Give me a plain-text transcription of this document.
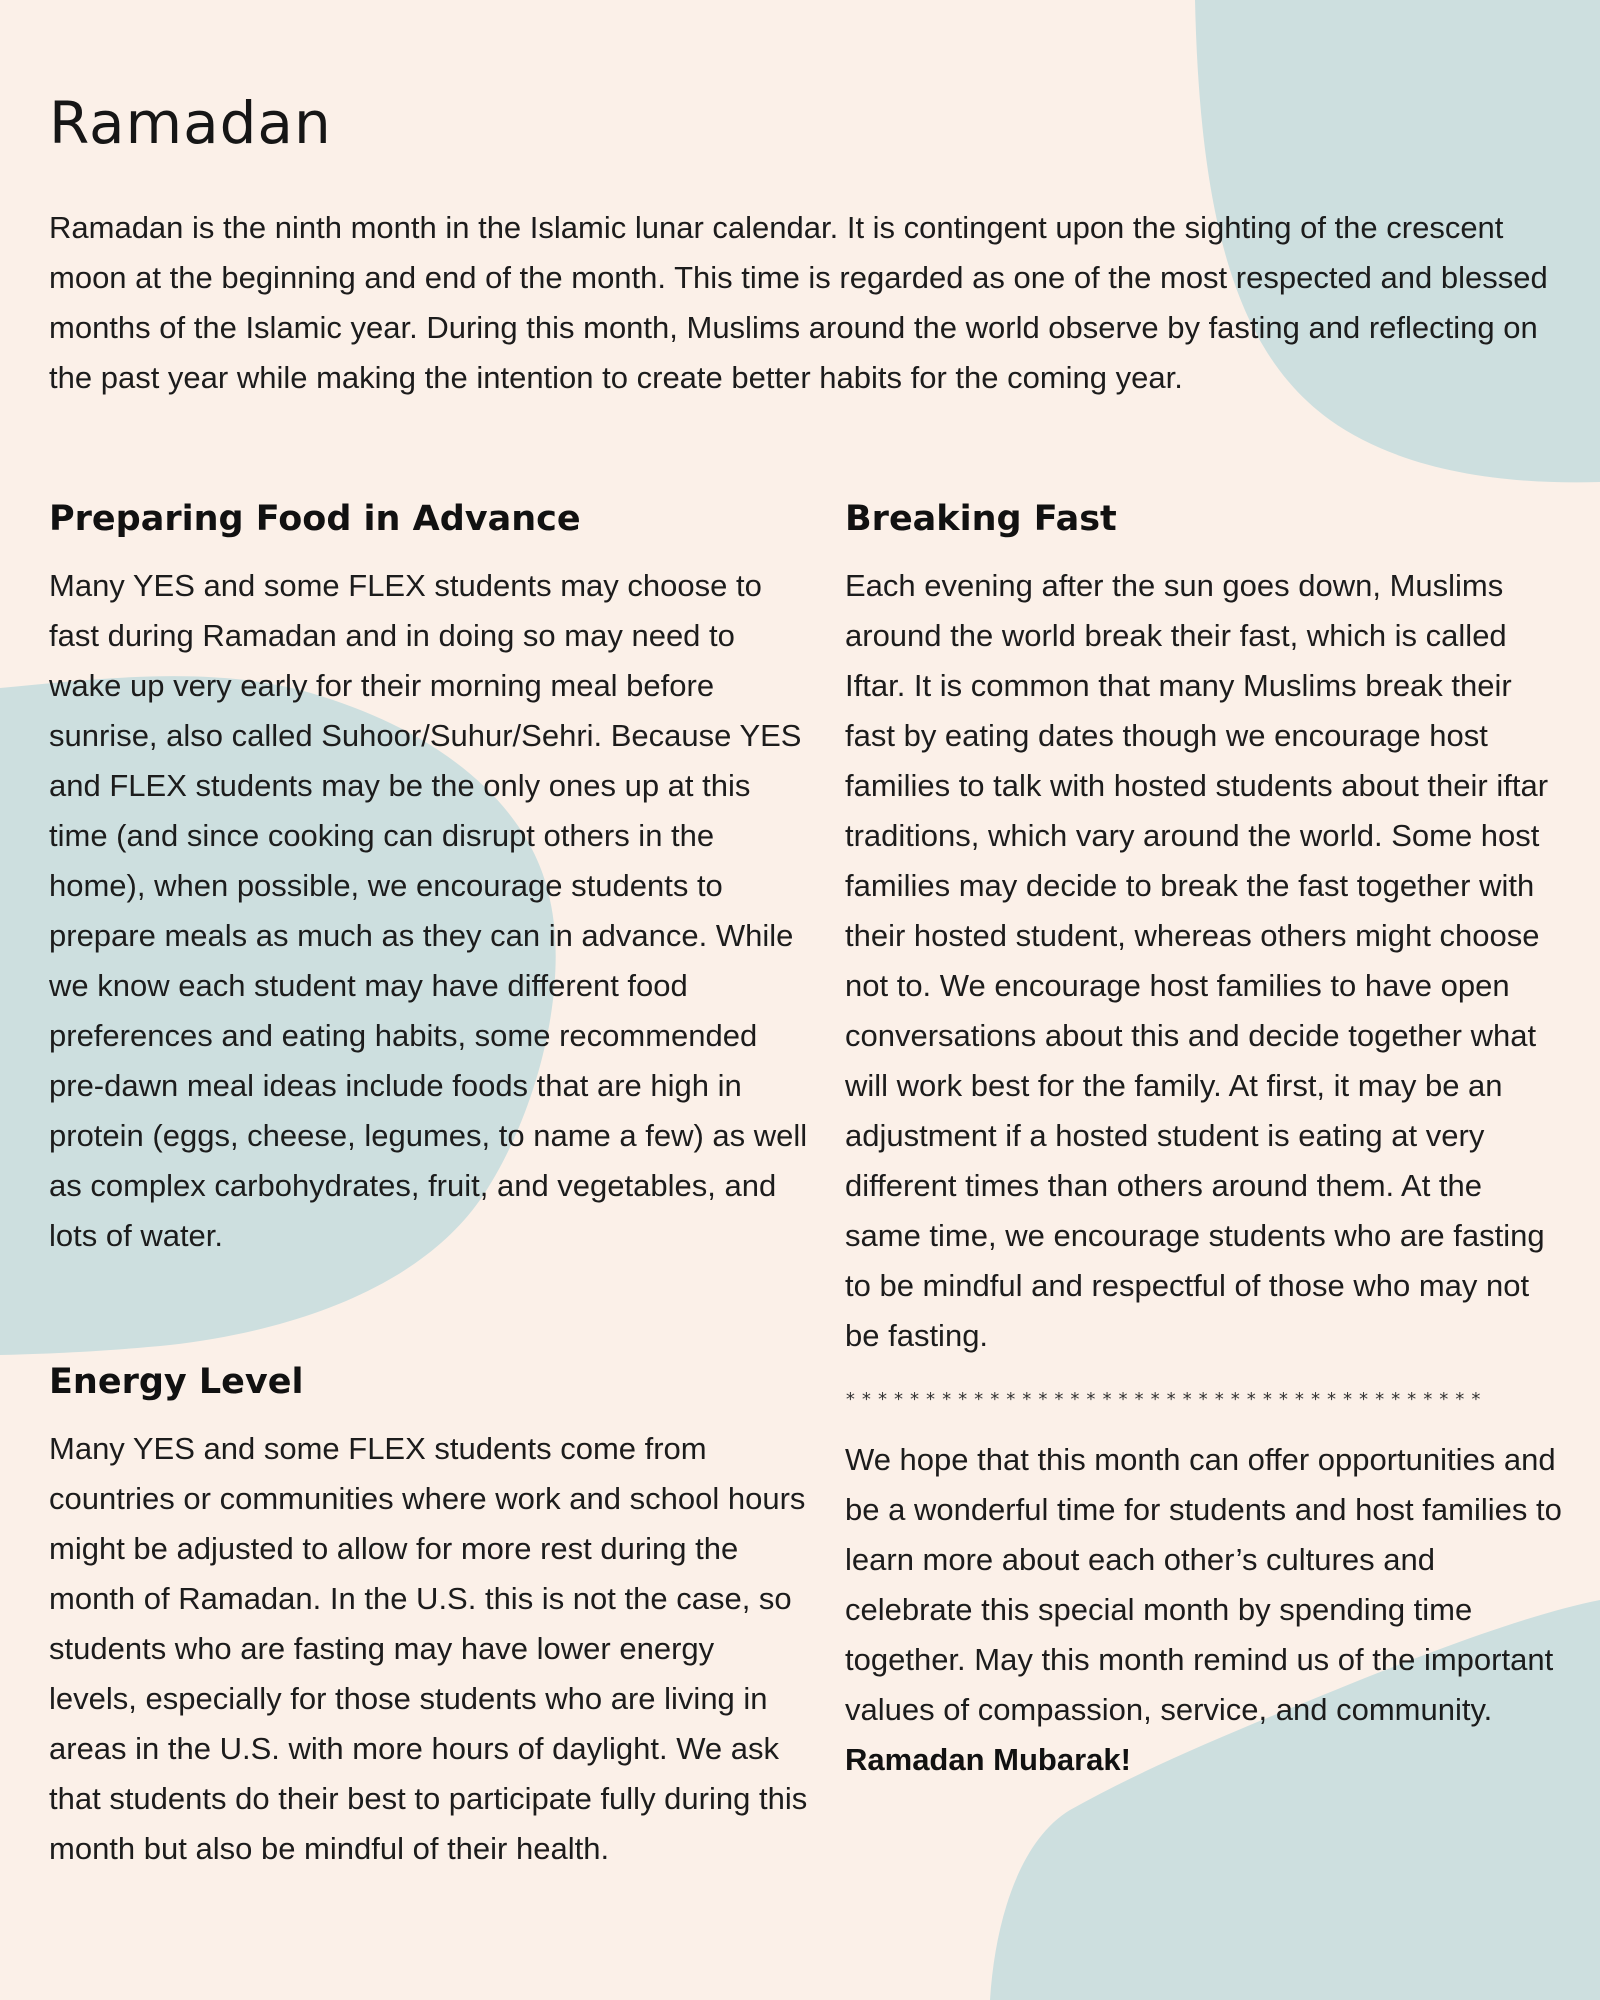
Ramadan

Ramadan is the ninth month in the Islamic lunar calendar. It is contingent upon the sighting of the crescent moon at the beginning and end of the month. This time is regarded as one of the most respected and blessed months of the Islamic year. During this month, Muslims around the world observe by fasting and reflecting on the past year while making the intention to create better habits for the coming year.

Preparing Food in Advance

Many YES and some FLEX students may choose to fast during Ramadan and in doing so may need to wake up very early for their morning meal before sunrise, also called Suhoor/Suhur/Sehri. Because YES and FLEX students may be the only ones up at this time (and since cooking can disrupt others in the home), when possible, we encourage students to prepare meals as much as they can in advance. While we know each student may have different food preferences and eating habits, some recommended pre-dawn meal ideas include foods that are high in protein (eggs, cheese, legumes, to name a few) as well as complex carbohydrates, fruit, and vegetables, and lots of water.

Energy Level

Many YES and some FLEX students come from countries or communities where work and school hours might be adjusted to allow for more rest during the month of Ramadan. In the U.S. this is not the case, so students who are fasting may have lower energy levels, especially for those students who are living in areas in the U.S. with more hours of daylight. We ask that students do their best to participate fully during this month but also be mindful of their health.

Breaking Fast

Each evening after the sun goes down, Muslims around the world break their fast, which is called Iftar. It is common that many Muslims break their fast by eating dates though we encourage host families to talk with hosted students about their iftar traditions, which vary around the world. Some host families may decide to break the fast together with their hosted student, whereas others might choose not to. We encourage host families to have open conversations about this and decide together what will work best for the family. At first, it may be an adjustment if a hosted student is eating at very different times than others around them. At the same time, we encourage students who are fasting to be mindful and respectful of those who may not be fasting.

****************************************

We hope that this month can offer opportunities and be a wonderful time for students and host families to learn more about each other’s cultures and celebrate this special month by spending time together. May this month remind us of the important values of compassion, service, and community.

Ramadan Mubarak!
